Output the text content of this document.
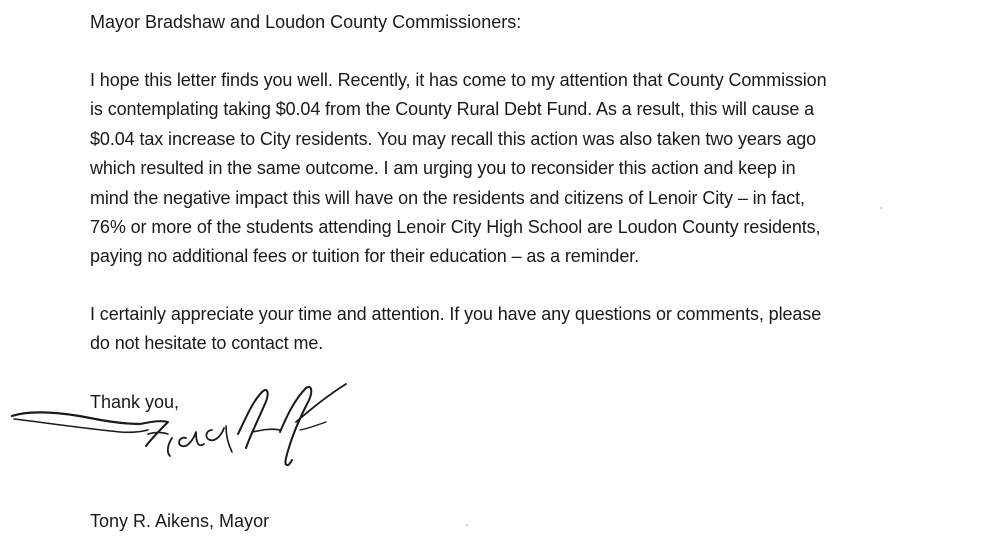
Mayor Bradshaw and Loudon County Commissioners:
I hope this letter finds you well. Recently, it has come to my attention that County Commission
is contemplating taking $0.04 from the County Rural Debt Fund. As a result, this will cause a
$0.04 tax increase to City residents. You may recall this action was also taken two years ago
which resulted in the same outcome. I am urging you to reconsider this action and keep in
mind the negative impact this will have on the residents and citizens of Lenoir City – in fact,
76% or more of the students attending Lenoir City High School are Loudon County residents,
paying no additional fees or tuition for their education – as a reminder.
I certainly appreciate your time and attention. If you have any questions or comments, please
do not hesitate to contact me.
Thank you,
Tony R. Aikens, Mayor
